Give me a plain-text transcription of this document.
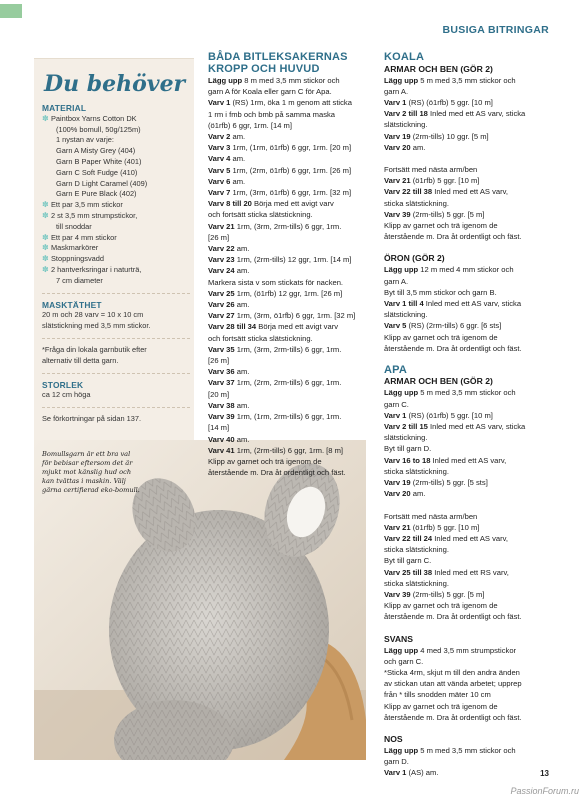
BUSIGA BITRINGAR
Du behöver
MATERIAL
✽ Paintbox Yarns Cotton DK
(100% bomull, 50g/125m)
1 nystan av varje:
Garn A Misty Grey (404)
Garn B Paper White (401)
Garn C Soft Fudge (410)
Garn D Light Caramel (409)
Garn E Pure Black (402)
✽ Ett par 3,5 mm stickor
✽ 2 st 3,5 mm strumpstickor,
till snoddar
✽ Ett par 4 mm stickor
✽ Maskmarkörer
✽ Stoppningsvadd
✽ 2 hantverksringar i naturträ,
7 cm diameter
MASKTÄTHET
20 m och 28 varv = 10 x 10 cm
slätstickning med 3,5 mm stickor.
*Fråga din lokala garnbutik efter
alternativ till detta garn.
STORLEK
ca 12 cm höga
Se förkortningar på sidan 137.
Bomullsgarn är ett bra val för bebisar eftersom det är mjukt mot känslig hud och kan tvättas i maskin. Välj gärna certifierad eko-bomull.
BÅDA BITLEKSAKERNAS KROPP OCH HUVUD
Lägg upp 8 m med 3,5 mm stickor och
garn A för Koala eller garn C för Apa.
Varv 1 (RS) 1rm, öka 1 m genom att sticka
1 rm i fmb och bmb på samma maska
(ö1rfb) 6 ggr, 1rm. [14 m]
Varv 2 am.
Varv 3 1rm, (1rm, ö1rfb) 6 ggr, 1rm. [20 m]
Varv 4 am.
Varv 5 1rm, (2rm, ö1rfb) 6 ggr, 1rm. [26 m]
Varv 6 am.
Varv 7 1rm, (3rm, ö1rfb) 6 ggr, 1rm. [32 m]
Varv 8 till 20 Börja med ett avigt varv
och fortsätt sticka slätstickning.
Varv 21 1rm, (3rm, 2rm-tills) 6 ggr, 1rm.
[26 m]
Varv 22 am.
Varv 23 1rm, (2rm-tills) 12 ggr, 1rm. [14 m]
Varv 24 am.
Markera sista v som stickats för nacken.
Varv 25 1rm, (ö1rfb) 12 ggr, 1rm. [26 m]
Varv 26 am.
Varv 27 1rm, (3rm, ö1rfb) 6 ggr, 1rm. [32 m]
Varv 28 till 34 Börja med ett avigt varv
och fortsätt sticka slätstickning.
Varv 35 1rm, (3rm, 2rm-tills) 6 ggr, 1rm.
[26 m]
Varv 36 am.
Varv 37 1rm, (2rm, 2rm-tills) 6 ggr, 1rm.
[20 m]
Varv 38 am.
Varv 39 1rm, (1rm, 2rm-tills) 6 ggr, 1rm.
[14 m]
Varv 40 am.
Varv 41 1rm, (2rm-tills) 6 ggr, 1rm. [8 m]
Klipp av garnet och trä igenom de
återstående m. Dra åt ordentligt och fäst.
KOALA
ARMAR OCH BEN (GÖR 2)
Lägg upp 5 m med 3,5 mm stickor och
garn A.
Varv 1 (RS) (ö1rfb) 5 ggr. [10 m]
Varv 2 till 18 Inled med ett AS varv, sticka
slätstickning.
Varv 19 (2rm-tills) 10 ggr. [5 m]
Varv 20 am.
Fortsätt med nästa arm/ben
Varv 21 (ö1rfb) 5 ggr. [10 m]
Varv 22 till 38 Inled med ett AS varv,
sticka slätstickning.
Varv 39 (2rm-tills) 5 ggr. [5 m]
Klipp av garnet och trä igenom de
återstående m. Dra åt ordentligt och fäst.
ÖRON (GÖR 2)
Lägg upp 12 m med 4 mm stickor och
garn A.
Byt till 3,5 mm stickor och garn B.
Varv 1 till 4 Inled med ett AS varv, sticka
slätstickning.
Varv 5 (RS) (2rm-tills) 6 ggr. [6 sts]
Klipp av garnet och trä igenom de
återstående m. Dra åt ordentligt och fäst.
APA
ARMAR OCH BEN (GÖR 2)
Lägg upp 5 m med 3,5 mm stickor och
garn C.
Varv 1 (RS) (ö1rfb) 5 ggr. [10 m]
Varv 2 till 15 Inled med ett AS varv, sticka
slätstickning.
Byt till garn D.
Varv 16 to 18 Inled med ett AS varv,
sticka slätstickning.
Varv 19 (2rm-tills) 5 ggr. [5 sts]
Varv 20 am.
Fortsätt med nästa arm/ben
Varv 21 (ö1rfb) 5 ggr. [10 m]
Varv 22 till 24 Inled med ett AS varv,
sticka slätstickning.
Byt till garn C.
Varv 25 till 38 Inled med ett RS varv,
sticka slätstickning.
Varv 39 (2rm-tills) 5 ggr. [5 m]
Klipp av garnet och trä igenom de
återstående m. Dra åt ordentligt och fäst.
SVANS
Lägg upp 4 med 3,5 mm strumpstickor
och garn C.
*Sticka 4rm, skjut m till den andra änden
av stickan utan att vända arbetet; upprep
från * tills snodden mäter 10 cm
Klipp av garnet och trä igenom de
återstående m. Dra åt ordentligt och fäst.
NOS
Lägg upp 5 m med 3,5 mm stickor och
garn D.
Varv 1 (AS) am.	13
PassionForum.ru
